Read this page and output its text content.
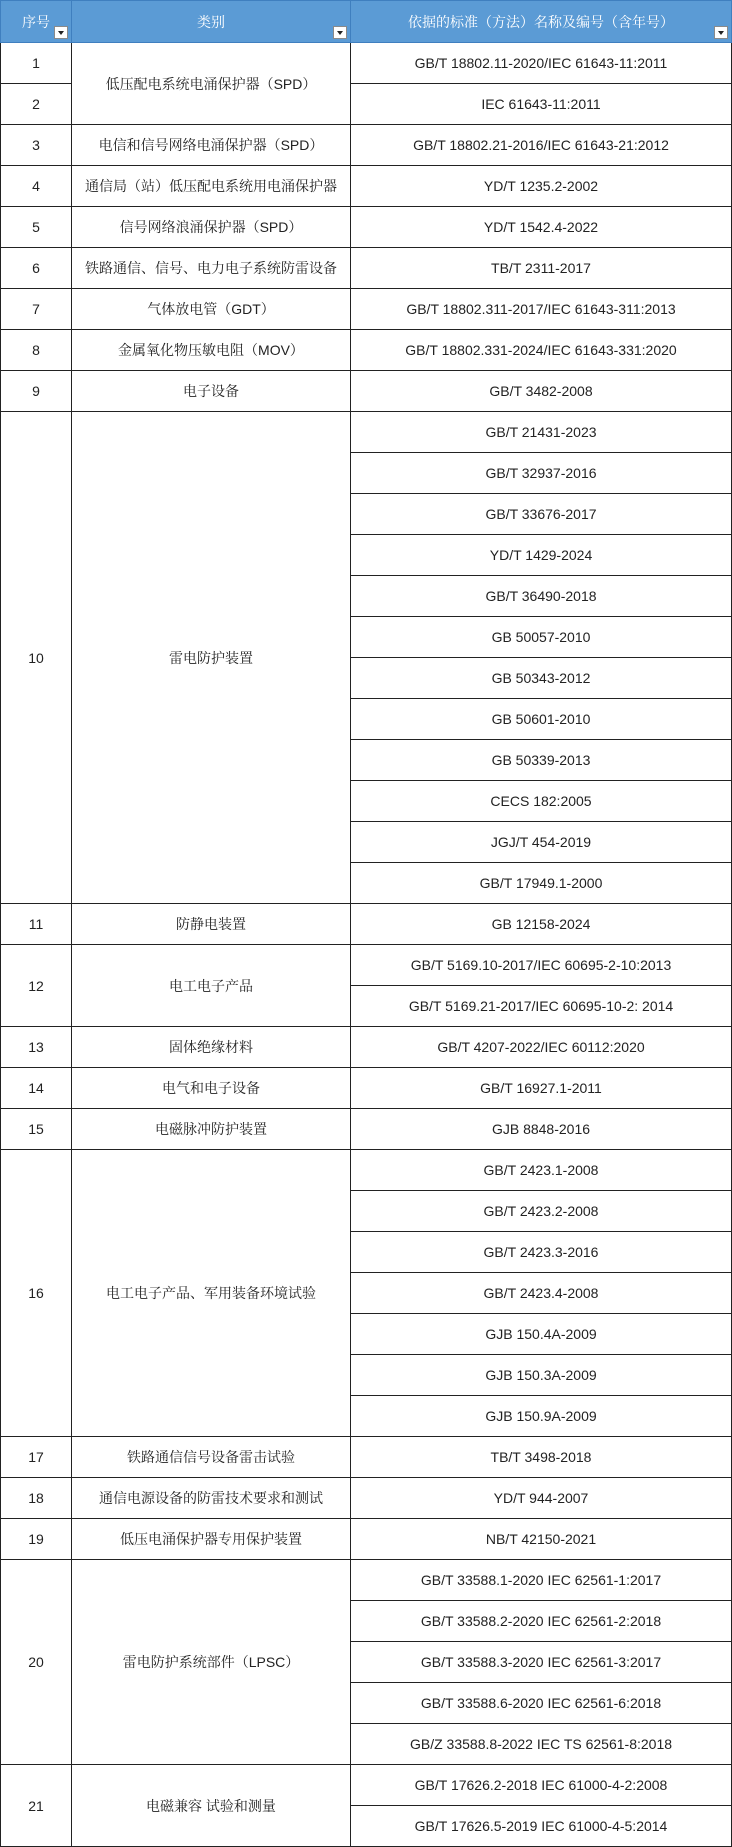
序号	类别	依据的标准（方法）名称及编号（含年号）

1	低压配电系统电涌保护器（SPD）	GB/T 18802.11-2020/IEC 61643-11:2011
2		IEC 61643-11:2011
3	电信和信号网络电涌保护器（SPD）	GB/T 18802.21-2016/IEC 61643-21:2012
4	通信局（站）低压配电系统用电涌保护器	YD/T 1235.2-2002
5	信号网络浪涌保护器（SPD）	YD/T 1542.4-2022
6	铁路通信、信号、电力电子系统防雷设备	TB/T 2311-2017
7	气体放电管（GDT）	GB/T 18802.311-2017/IEC 61643-311:2013
8	金属氧化物压敏电阻（MOV）	GB/T 18802.331-2024/IEC 61643-331:2020
9	电子设备	GB/T 3482-2008
10	雷电防护装置	GB/T 21431-2023
		GB/T 32937-2016
		GB/T 33676-2017
		YD/T 1429-2024
		GB/T 36490-2018
		GB 50057-2010
		GB 50343-2012
		GB 50601-2010
		GB 50339-2013
		CECS 182:2005
		JGJ/T 454-2019
		GB/T 17949.1-2000
11	防静电装置	GB 12158-2024
12	电工电子产品	GB/T 5169.10-2017/IEC 60695-2-10:2013
		GB/T 5169.21-2017/IEC 60695-10-2: 2014
13	固体绝缘材料	GB/T 4207-2022/IEC 60112:2020
14	电气和电子设备	GB/T 16927.1-2011
15	电磁脉冲防护装置	GJB 8848-2016
16	电工电子产品、军用装备环境试验	GB/T 2423.1-2008
		GB/T 2423.2-2008
		GB/T 2423.3-2016
		GB/T 2423.4-2008
		GJB 150.4A-2009
		GJB 150.3A-2009
		GJB 150.9A-2009
17	铁路通信信号设备雷击试验	TB/T 3498-2018
18	通信电源设备的防雷技术要求和测试	YD/T 944-2007
19	低压电涌保护器专用保护装置	NB/T 42150-2021
20	雷电防护系统部件（LPSC）	GB/T 33588.1-2020 IEC 62561-1:2017
		GB/T 33588.2-2020 IEC 62561-2:2018
		GB/T 33588.3-2020 IEC 62561-3:2017
		GB/T 33588.6-2020 IEC 62561-6:2018
		GB/Z 33588.8-2022 IEC TS 62561-8:2018
21	电磁兼容 试验和测量	GB/T 17626.2-2018 IEC 61000-4-2:2008
		GB/T 17626.5-2019 IEC 61000-4-5:2014
